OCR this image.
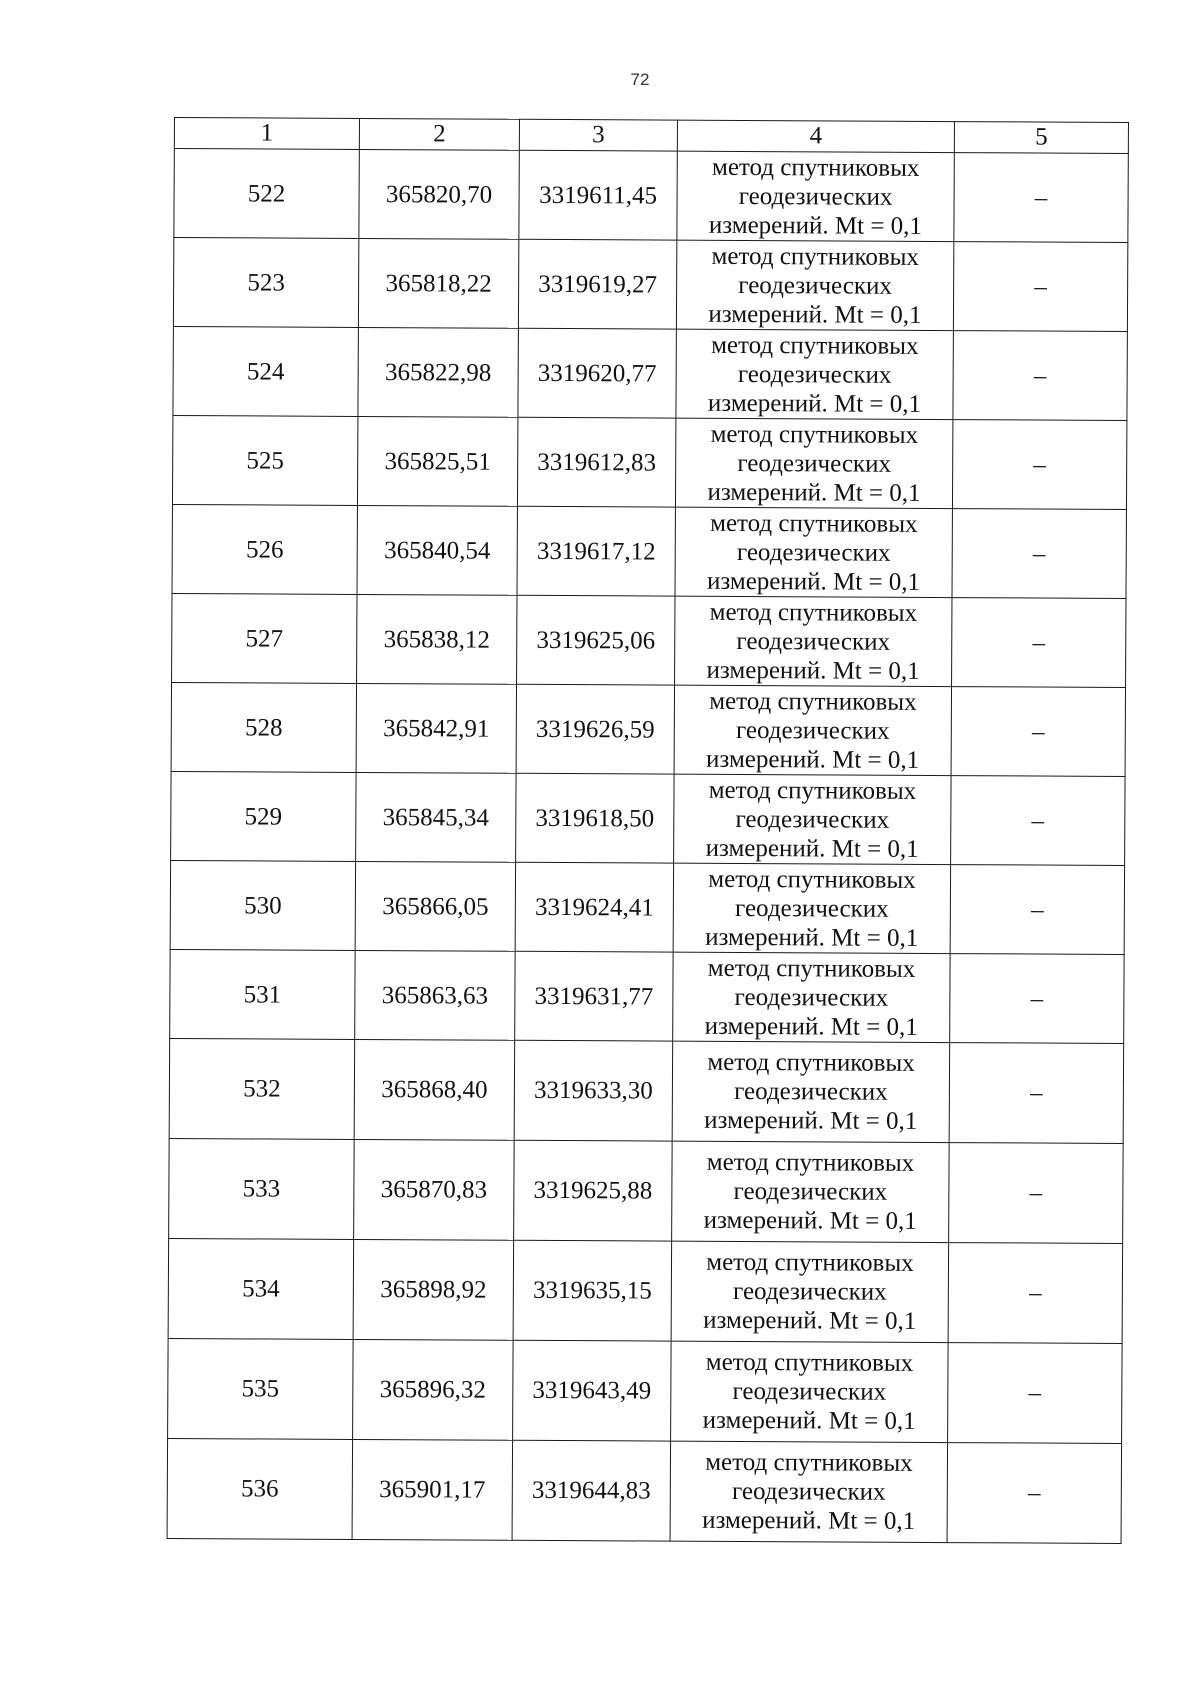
72
1	2	3	4	5
522	365820,70	3319611,45	метод спутниковых
геодезических
измерений. Mt = 0,1	–
523	365818,22	3319619,27	метод спутниковых
геодезических
измерений. Mt = 0,1	–
524	365822,98	3319620,77	метод спутниковых
геодезических
измерений. Mt = 0,1	–
525	365825,51	3319612,83	метод спутниковых
геодезических
измерений. Mt = 0,1	–
526	365840,54	3319617,12	метод спутниковых
геодезических
измерений. Mt = 0,1	–
527	365838,12	3319625,06	метод спутниковых
геодезических
измерений. Mt = 0,1	–
528	365842,91	3319626,59	метод спутниковых
геодезических
измерений. Mt = 0,1	–
529	365845,34	3319618,50	метод спутниковых
геодезических
измерений. Mt = 0,1	–
530	365866,05	3319624,41	метод спутниковых
геодезических
измерений. Mt = 0,1	–
531	365863,63	3319631,77	метод спутниковых
геодезических
измерений. Mt = 0,1	–
532	365868,40	3319633,30	метод спутниковых
геодезических
измерений. Mt = 0,1	–
533	365870,83	3319625,88	метод спутниковых
геодезических
измерений. Mt = 0,1	–
534	365898,92	3319635,15	метод спутниковых
геодезических
измерений. Mt = 0,1	–
535	365896,32	3319643,49	метод спутниковых
геодезических
измерений. Mt = 0,1	–
536	365901,17	3319644,83	метод спутниковых
геодезических
измерений. Mt = 0,1	–
